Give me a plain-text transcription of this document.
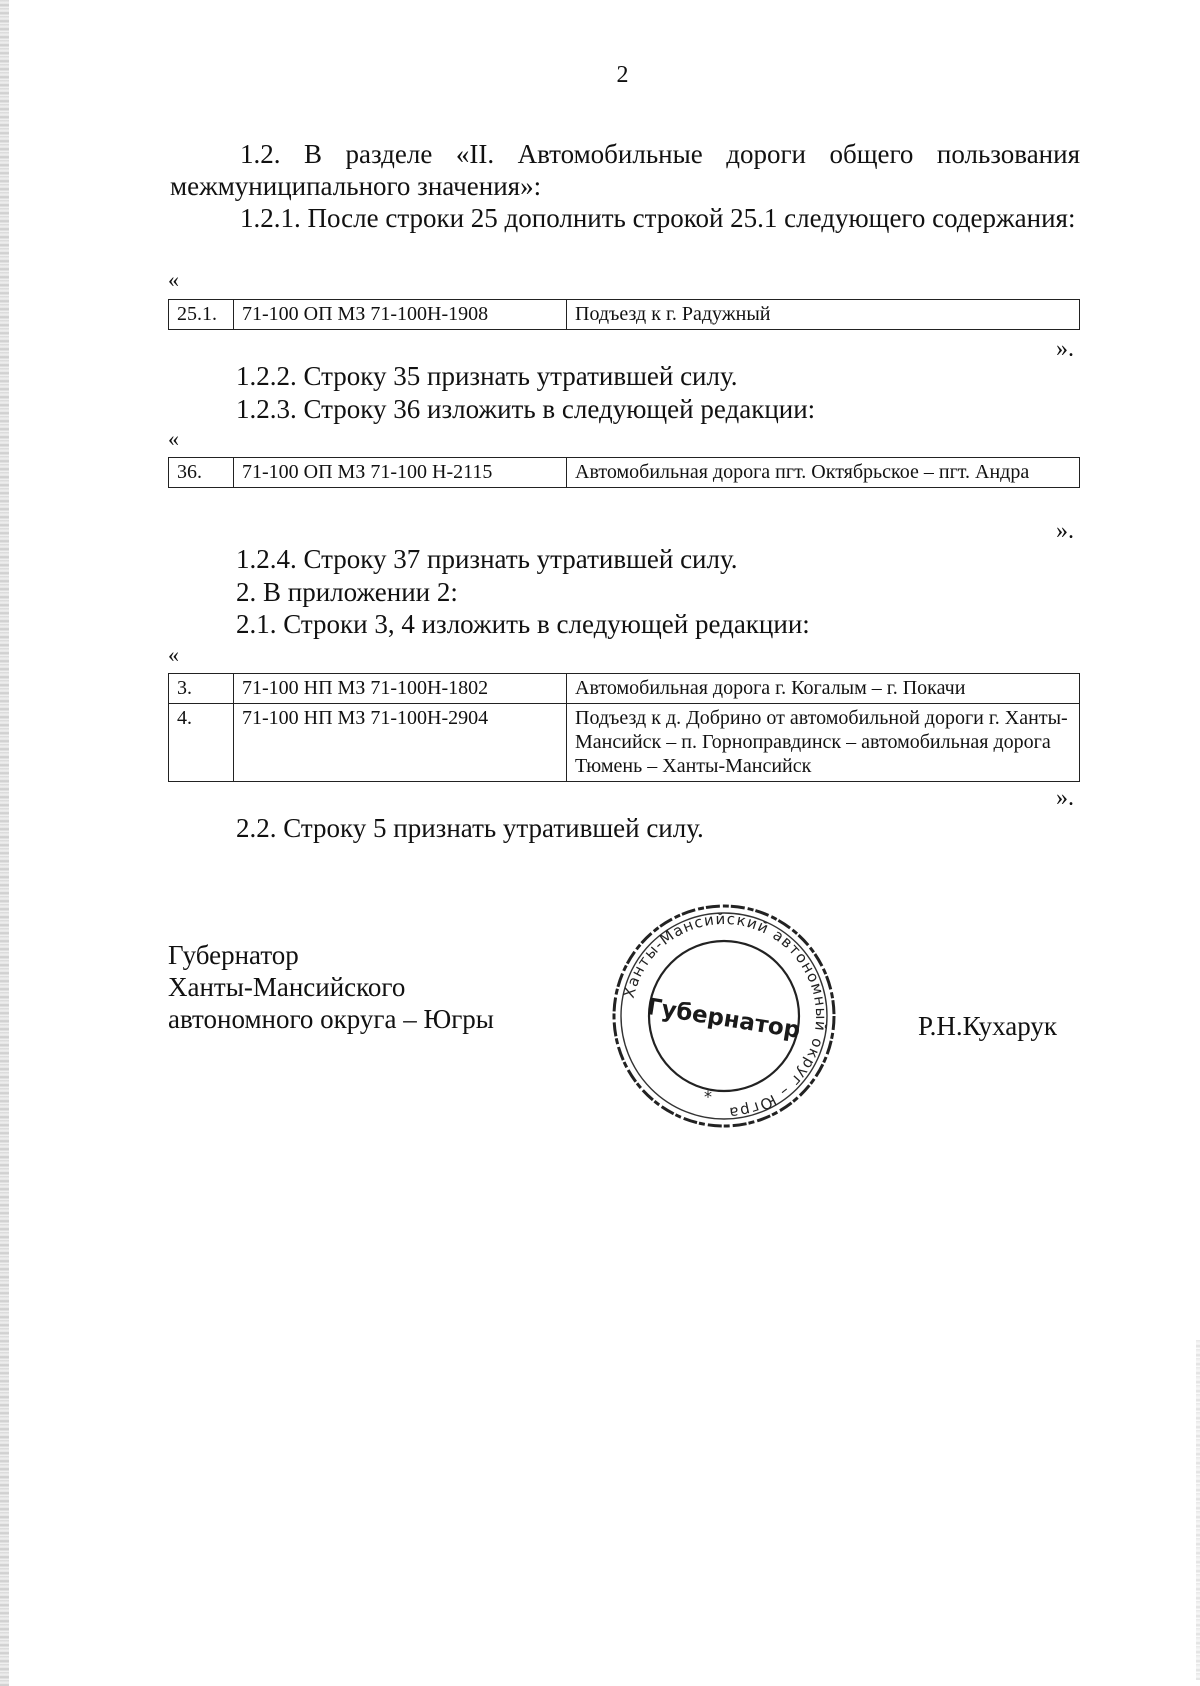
2
1.2. В разделе «II. Автомобильные дороги общего пользования межмуниципального значения»:
1.2.1. После строки 25 дополнить строкой 25.1 следующего содержания:
«
25.1.	71-100 ОП МЗ 71-100Н-1908	Подъезд к г. Радужный
».
1.2.2. Строку 35 признать утратившей силу.
1.2.3. Строку 36 изложить в следующей редакции:
«
36.	71-100 ОП МЗ 71-100 Н-2115	Автомобильная дорога пгт. Октябрьское – пгт. Андра
».
1.2.4. Строку 37 признать утратившей силу.
2. В приложении 2:
2.1. Строки 3, 4 изложить в следующей редакции:
«
3.	71-100 НП МЗ 71-100Н-1802	Автомобильная дорога г. Когалым – г. Покачи
4.	71-100 НП МЗ 71-100Н-2904	Подъезд к д. Добрино от автомобильной дороги г. Ханты-Мансийск – п. Горноправдинск – автомобильная дорога Тюмень – Ханты-Мансийск
».
2.2. Строку 5 признать утратившей силу.
Губернатор
Ханты-Мансийского
автономного округа – Югры
Ханты-Мансийский автономный округ – Югра
Губернатор
*
Р.Н.Кухарук
